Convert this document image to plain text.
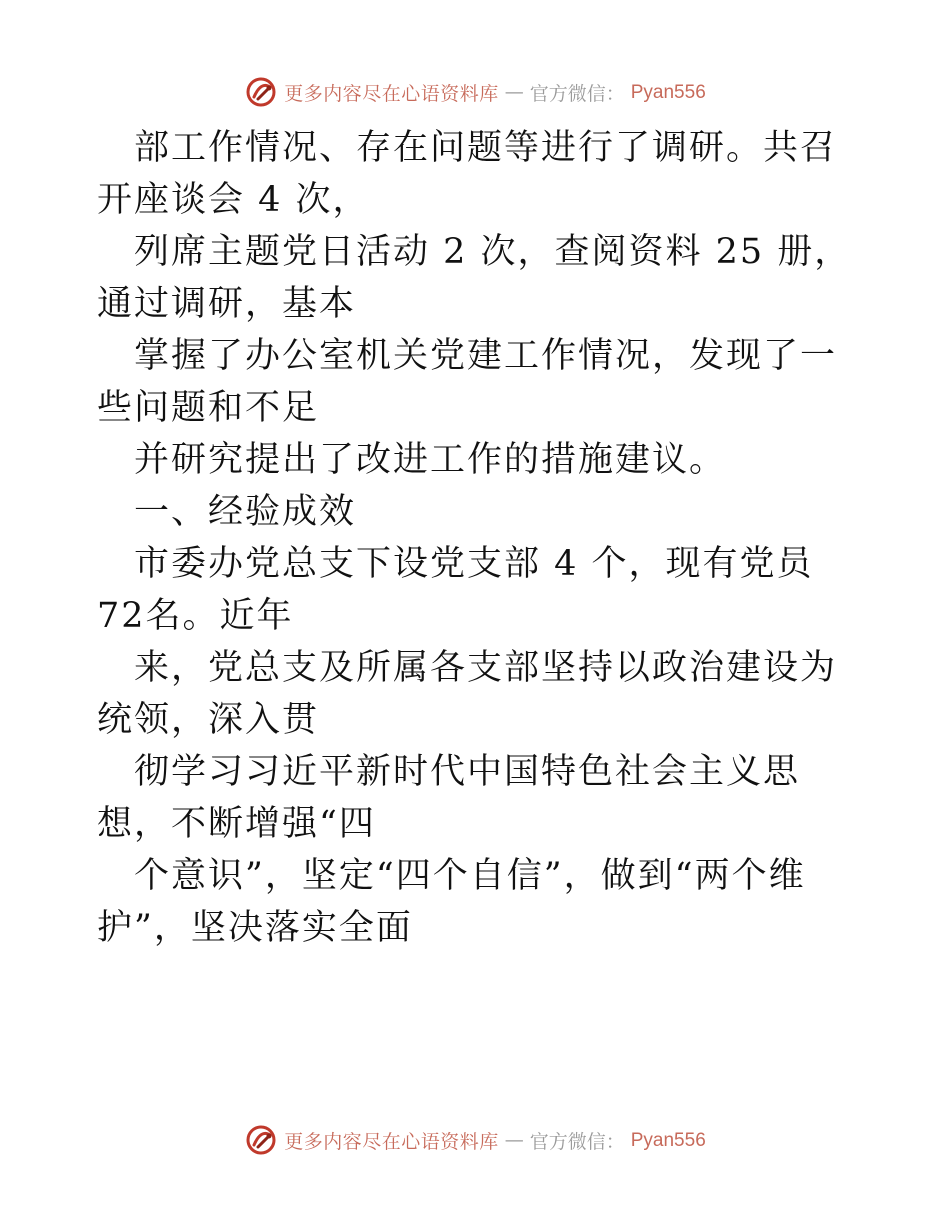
更多内容尽在心语资料库 — 官方微信： Pyan556

部工作情况、存在问题等进行了调研。共召开座谈会 4 次，

列席主题党日活动 2 次，查阅资料 25 册，通过调研，基本

掌握了办公室机关党建工作情况，发现了一些问题和不足

并研究提出了改进工作的措施建议。

一、经验成效

市委办党总支下设党支部 4 个，现有党员 72名。近年

来，党总支及所属各支部坚持以政治建设为统领，深入贯

彻学习习近平新时代中国特色社会主义思想，不断增强“四

个意识”，坚定“四个自信”，做到“两个维护”，坚决落实全面

更多内容尽在心语资料库 — 官方微信： Pyan556
